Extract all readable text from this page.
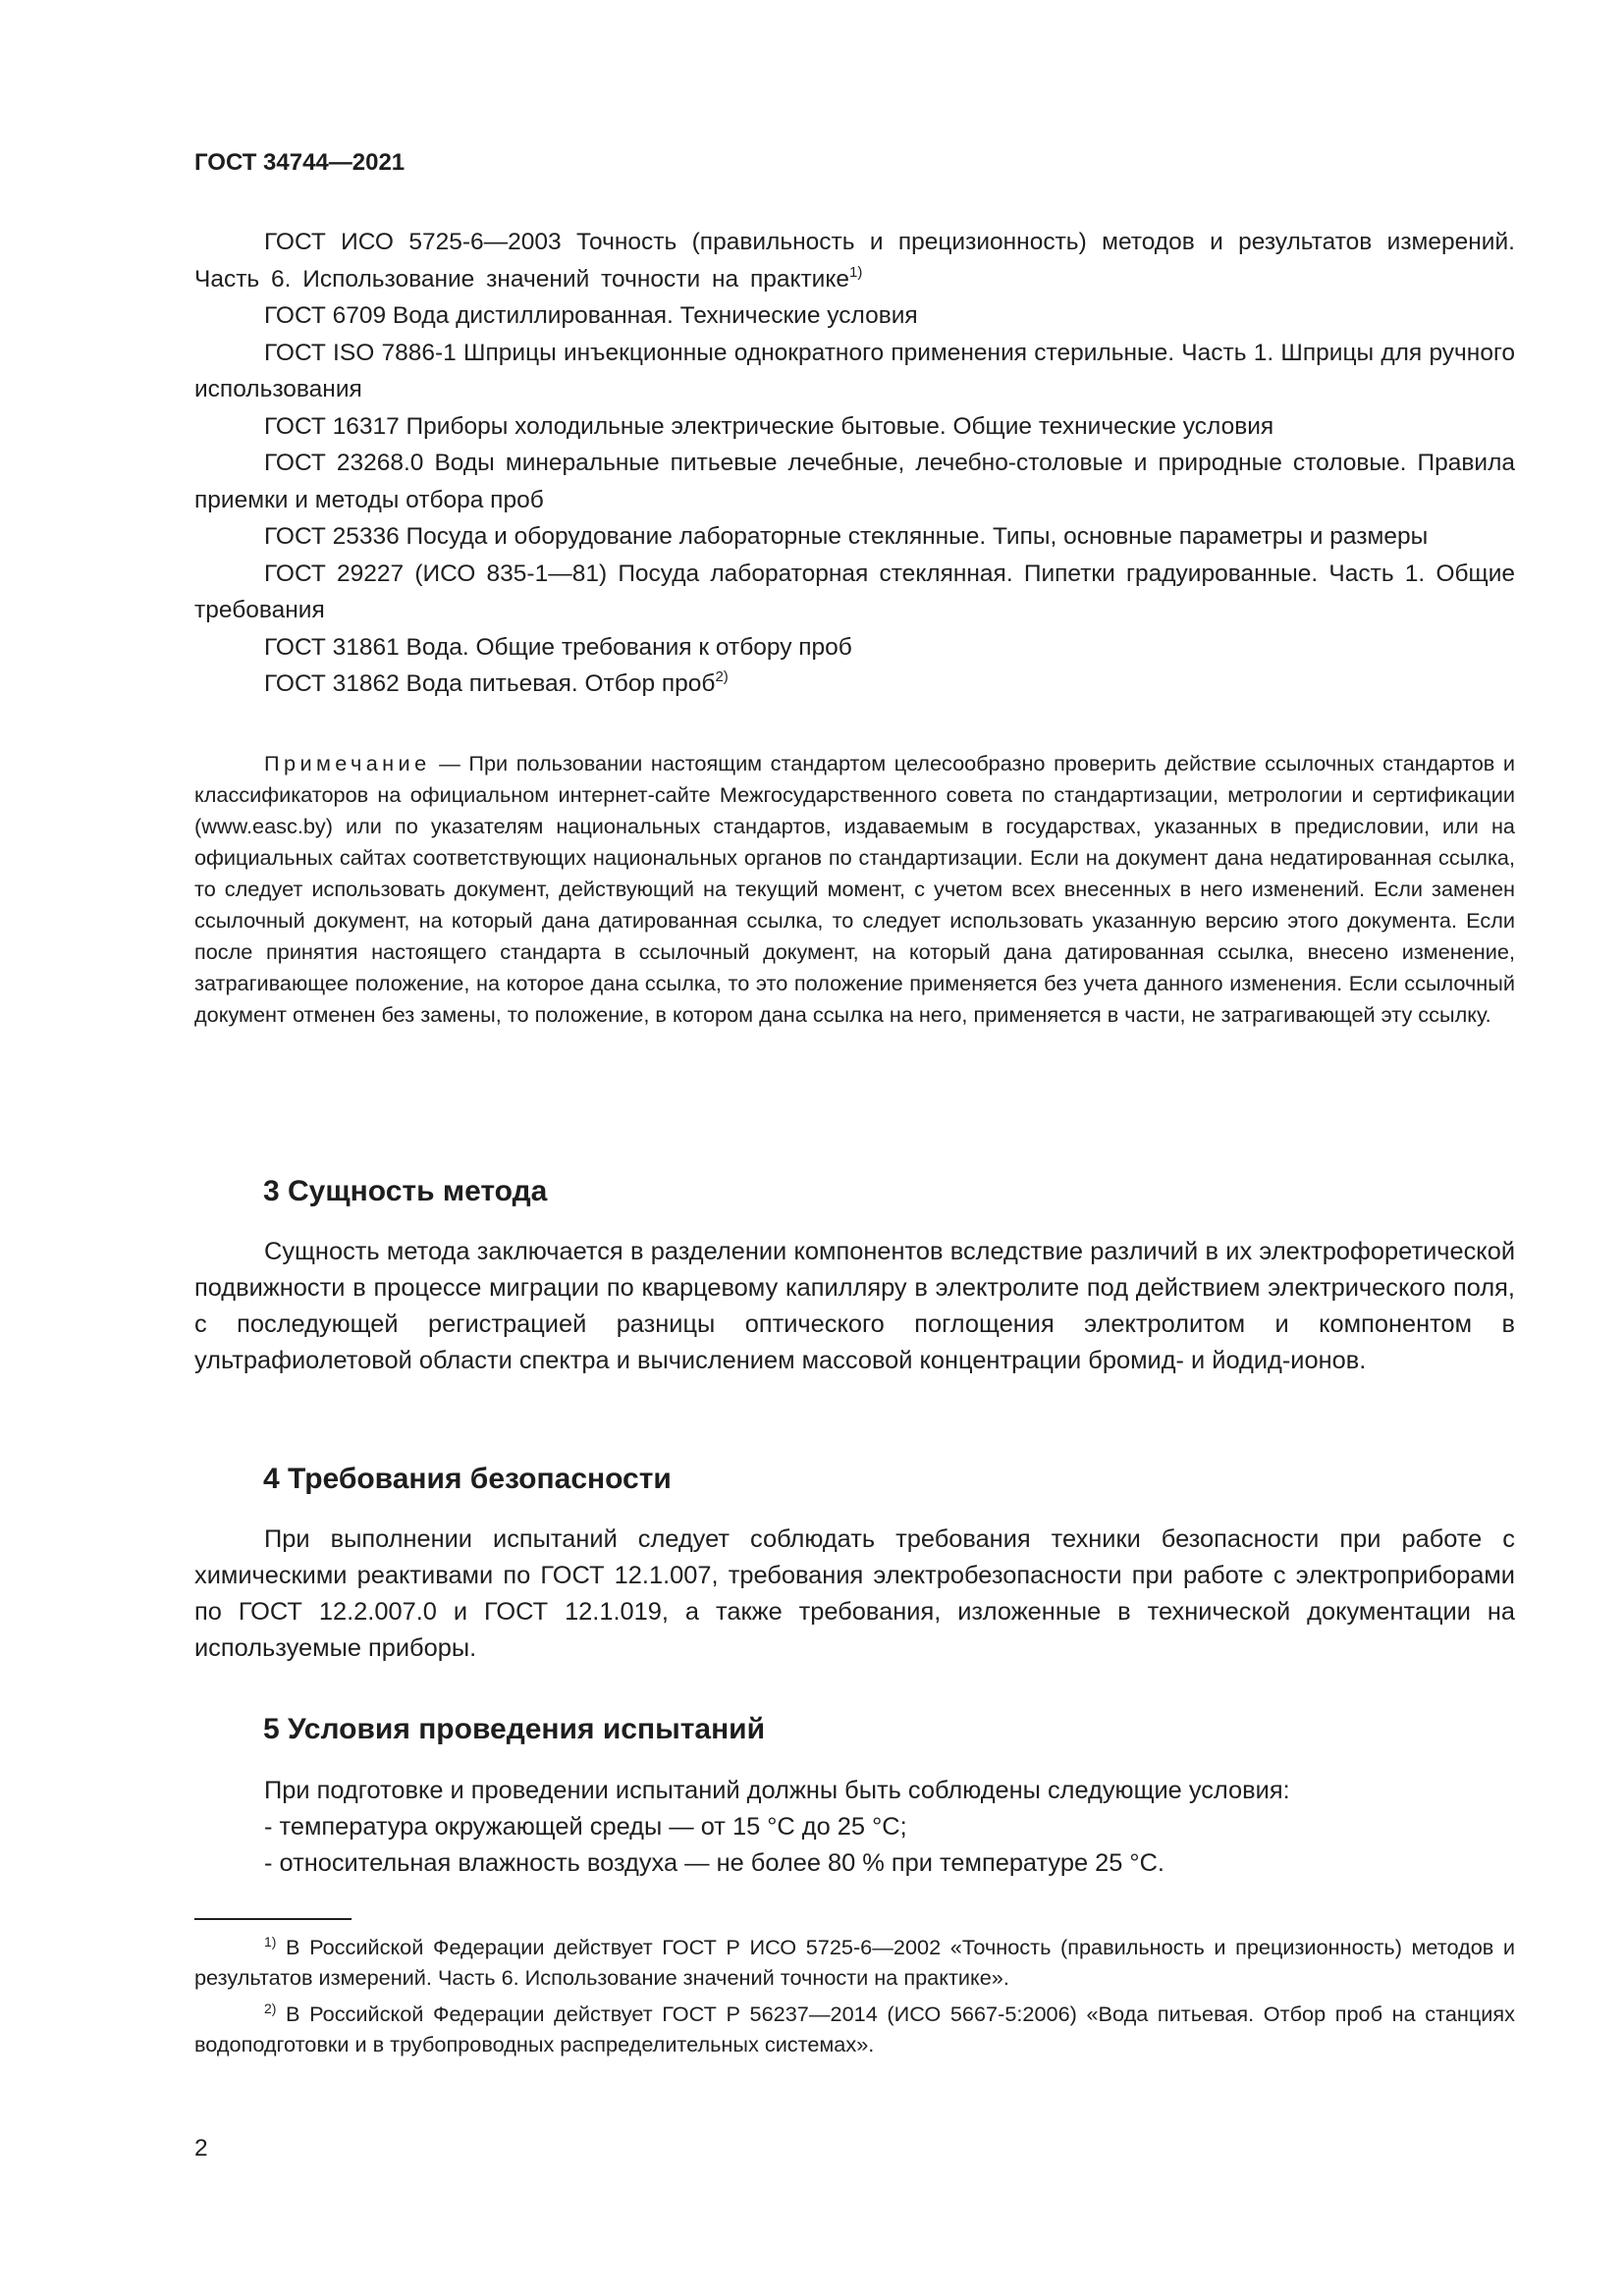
ГОСТ 34744—2021

ГОСТ ИСО 5725-6—2003 Точность (правильность и прецизионность) методов и результатов измерений. Часть 6. Использование значений точности на практике$^{1)}$

ГОСТ 6709 Вода дистиллированная. Технические условия

ГОСТ ISO 7886-1 Шприцы инъекционные однократного применения стерильные. Часть 1. Шприцы для ручного использования

ГОСТ 16317 Приборы холодильные электрические бытовые. Общие технические условия

ГОСТ 23268.0 Воды минеральные питьевые лечебные, лечебно-столовые и природные столовые. Правила приемки и методы отбора проб

ГОСТ 25336 Посуда и оборудование лабораторные стеклянные. Типы, основные параметры и размеры

ГОСТ 29227 (ИСО 835-1—81) Посуда лабораторная стеклянная. Пипетки градуированные. Часть 1. Общие требования

ГОСТ 31861 Вода. Общие требования к отбору проб

ГОСТ 31862 Вода питьевая. Отбор проб$^{2)}$

Примечание — При пользовании настоящим стандартом целесообразно проверить действие ссылочных стандартов и классификаторов на официальном интернет-сайте Межгосударственного совета по стандартизации, метрологии и сертификации (www.easc.by) или по указателям национальных стандартов, издаваемым в государствах, указанных в предисловии, или на официальных сайтах соответствующих национальных органов по стандартизации. Если на документ дана недатированная ссылка, то следует использовать документ, действующий на текущий момент, с учетом всех внесенных в него изменений. Если заменен ссылочный документ, на который дана датированная ссылка, то следует использовать указанную версию этого документа. Если после принятия настоящего стандарта в ссылочный документ, на который дана датированная ссылка, внесено изменение, затрагивающее положение, на которое дана ссылка, то это положение применяется без учета данного изменения. Если ссылочный документ отменен без замены, то положение, в котором дана ссылка на него, применяется в части, не затрагивающей эту ссылку.

3 Сущность метода

Сущность метода заключается в разделении компонентов вследствие различий в их электрофоретической подвижности в процессе миграции по кварцевому капилляру в электролите под действием электрического поля, с последующей регистрацией разницы оптического поглощения электролитом и компонентом в ультрафиолетовой области спектра и вычислением массовой концентрации бромид- и йодид-ионов.

4 Требования безопасности

При выполнении испытаний следует соблюдать требования техники безопасности при работе с химическими реактивами по ГОСТ 12.1.007, требования электробезопасности при работе с электроприборами по ГОСТ 12.2.007.0 и ГОСТ 12.1.019, а также требования, изложенные в технической документации на используемые приборы.

5 Условия проведения испытаний

При подготовке и проведении испытаний должны быть соблюдены следующие условия:

- температура окружающей среды — от 15 °С до 25 °С;

- относительная влажность воздуха — не более 80 % при температуре 25 °С.

$^{1)}$ В Российской Федерации действует ГОСТ Р ИСО 5725-6—2002 «Точность (правильность и прецизионность) методов и результатов измерений. Часть 6. Использование значений точности на практике».

$^{2)}$ В Российской Федерации действует ГОСТ Р 56237—2014 (ИСО 5667-5:2006) «Вода питьевая. Отбор проб на станциях водоподготовки и в трубопроводных распределительных системах».

2
